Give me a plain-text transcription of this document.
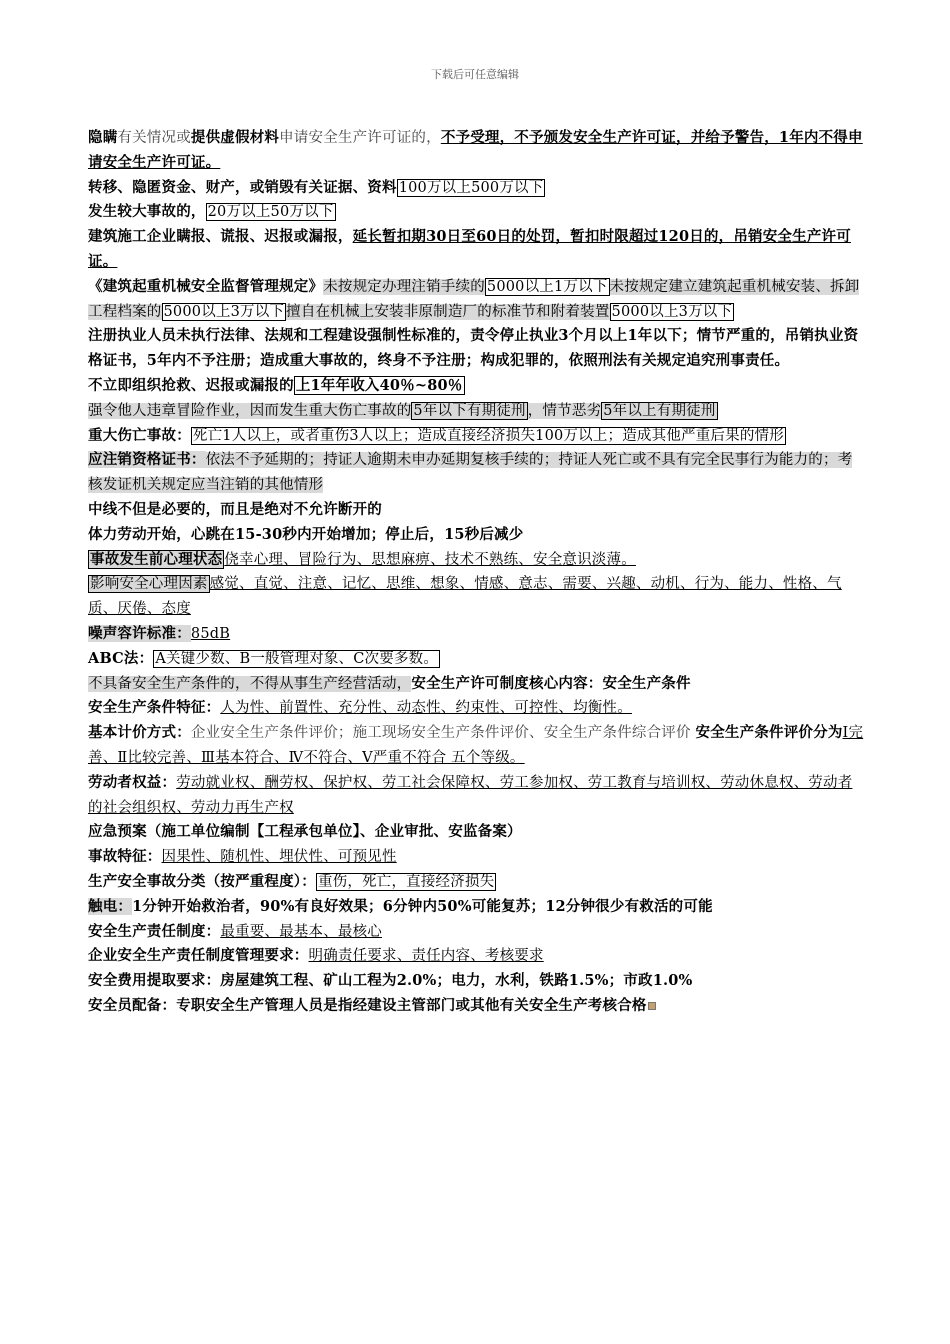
下载后可任意编辑
隐瞒有关情况或提供虚假材料申请安全生产许可证的，不予受理，不予颁发安全生产许可证，并给予警告，1年内不得申请安全生产许可证。
转移、隐匿资金、财产，或销毁有关证据、资料 100万以上500万以下
发生较大事故的， 20万以上50万以下
建筑施工企业瞒报、谎报、迟报或漏报，延长暂扣期30日至60日的处罚，暂扣时限超过120日的，吊销安全生产许可证。
《建筑起重机械安全监督管理规定》未按规定办理注销手续的 5000以上1万以下 未按规定建立建筑起重机械安装、拆卸工程档案的 5000以上3万以下 擅自在机械上安装非原制造厂的标准节和附着装置 5000以上3万以下
注册执业人员未执行法律、法规和工程建设强制性标准的，责令停止执业3个月以上1年以下；情节严重的，吊销执业资格证书，5年内不予注册；造成重大事故的，终身不予注册；构成犯罪的，依照刑法有关规定追究刑事责任。
不立即组织抢救、迟报或漏报的 上1年年收入40％~80％
强令他人违章冒险作业，因而发生重大伤亡事故的 5年以下有期徒刑 ，情节恶劣 5年以上有期徒刑
重大伤亡事故： 死亡1人以上，或者重伤3人以上；造成直接经济损失100万以上；造成其他严重后果的情形
应注销资格证书：依法不予延期的；持证人逾期未申办延期复核手续的；持证人死亡或不具有完全民事行为能力的；考核发证机关规定应当注销的其他情形
中线不但是必要的，而且是绝对不允许断开的
体力劳动开始，心跳在15-30秒内开始增加；停止后，15秒后减少
事故发生前心理状态 侥幸心理、冒险行为、思想麻痹、技术不熟练、安全意识淡薄。
影响安全心理因素 感觉、直觉、注意、记忆、思维、想象、情感、意志、需要、兴趣、动机、行为、能力、性格、气质、厌倦、态度
噪声容许标准：85dB
ABC法： A关键少数、B一般管理对象、C次要多数。
不具备安全生产条件的，不得从事生产经营活动，安全生产许可制度核心内容：安全生产条件
安全生产条件特征：人为性、前置性、充分性、动态性、约束性、可控性、均衡性。
基本计价方式：企业安全生产条件评价；施工现场安全生产条件评价、安全生产条件综合评价 安全生产条件评价分为Ⅰ完善、Ⅱ比较完善、Ⅲ基本符合、Ⅳ不符合、Ⅴ严重不符合 五个等级。
劳动者权益：劳动就业权、酬劳权、保护权、劳工社会保障权、劳工参加权、劳工教育与培训权、劳动休息权、劳动者的社会组织权、劳动力再生产权
应急预案（施工单位编制【工程承包单位】、企业审批、安监备案）
事故特征：因果性、随机性、埋伏性、可预见性
生产安全事故分类（按严重程度）： 重伤，死亡，直接经济损失
触电：1分钟开始救治者，90%有良好效果；6分钟内50%可能复苏；12分钟很少有救活的可能
安全生产责任制度：最重要、最基本、最核心
企业安全生产责任制度管理要求：明确责任要求、责任内容、考核要求
安全费用提取要求：房屋建筑工程、矿山工程为2.0%；电力，水利，铁路1.5%；市政1.0%
安全员配备：专职安全生产管理人员是指经建设主管部门或其他有关安全生产考核合格
